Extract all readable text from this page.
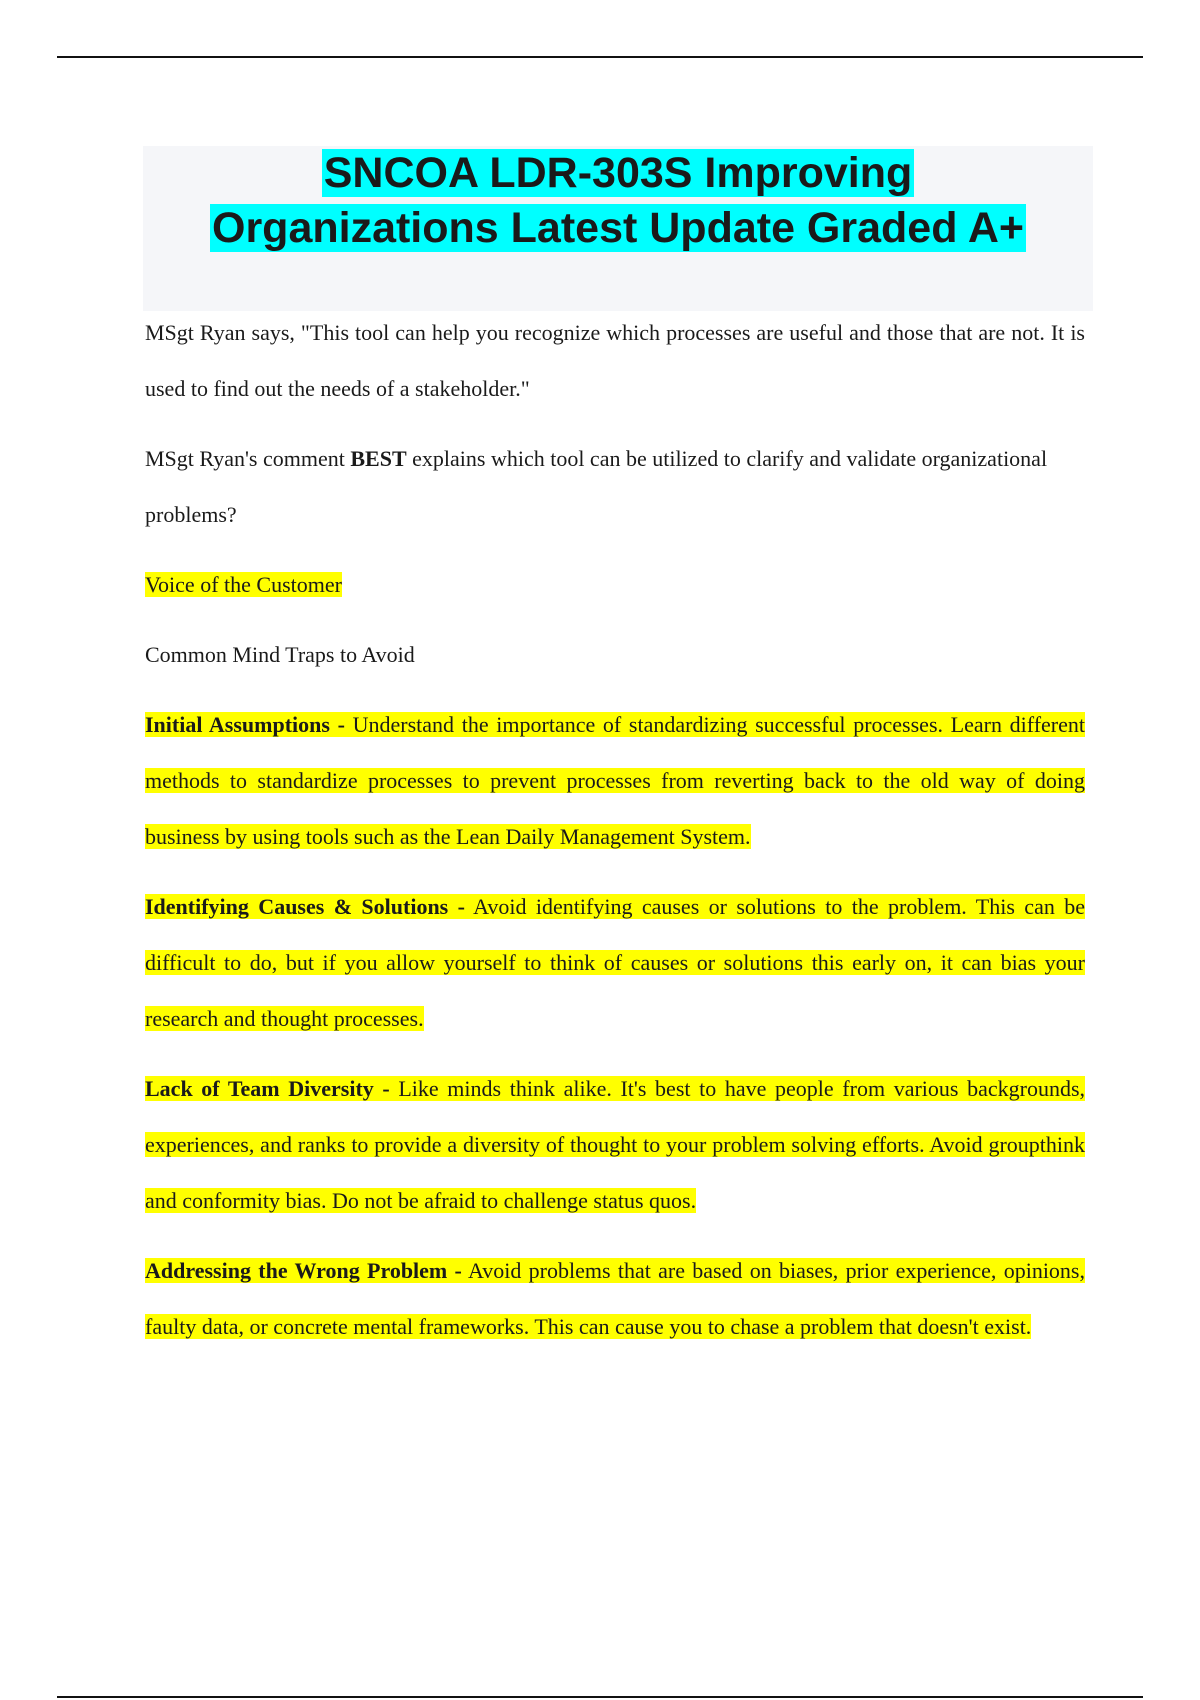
SNCOA LDR-303S Improving
Organizations Latest Update Graded A+

MSgt Ryan says, "This tool can help you recognize which processes are useful and those that are not. It is used to find out the needs of a stakeholder."

MSgt Ryan's comment BEST explains which tool can be utilized to clarify and validate organizational problems?

Voice of the Customer

Common Mind Traps to Avoid

Initial Assumptions - Understand the importance of standardizing successful processes. Learn different methods to standardize processes to prevent processes from reverting back to the old way of doing business by using tools such as the Lean Daily Management System.

Identifying Causes & Solutions - Avoid identifying causes or solutions to the problem. This can be difficult to do, but if you allow yourself to think of causes or solutions this early on, it can bias your research and thought processes.

Lack of Team Diversity - Like minds think alike. It's best to have people from various backgrounds, experiences, and ranks to provide a diversity of thought to your problem solving efforts. Avoid groupthink and conformity bias. Do not be afraid to challenge status quos.

Addressing the Wrong Problem - Avoid problems that are based on biases, prior experience, opinions, faulty data, or concrete mental frameworks. This can cause you to chase a problem that doesn't exist.
